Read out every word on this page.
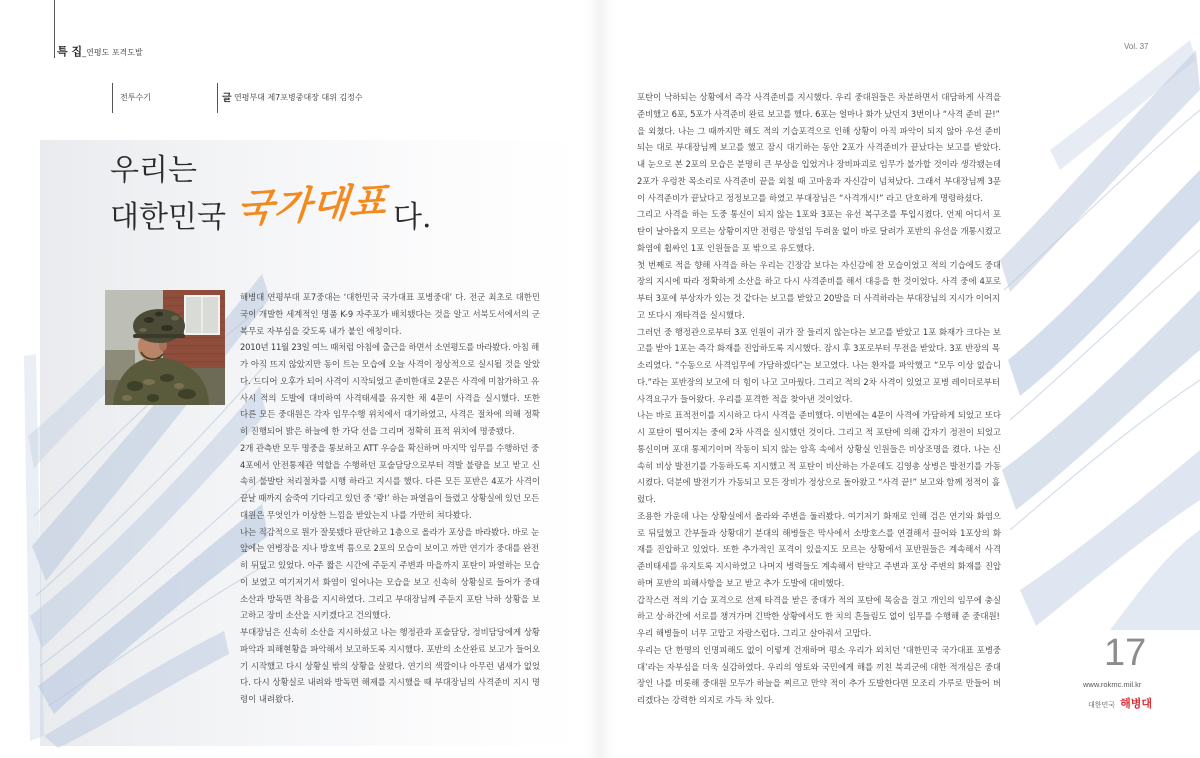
특 집_연평도 포격도발
Vol. 37
전투수기	글 연평부대 제7포병중대장 대위 김정수
우리는
대한민국 국가대표 다.
해병대 연평부대 포7중대는 ‘대한민국 국가대표 포병중대’ 다. 전군 최초로 대한민
국이 개발한 세계적인 명품 K-9 자주포가 배치됐다는 것을 알고 서북도서에서의 군
복무로 자부심을 갖도록 내가 붙인 애칭이다.
2010년 11월 23일 여느 때처럼 아침에 출근을 하면서 소연평도를 바라봤다. 아침 해
가 아직 뜨지 않았지만 동이 트는 모습에 오늘 사격이 정상적으로 실시될 것을 알았
다. 드디어 오후가 되어 사격이 시작되었고 준비한대로 2문은 사격에 미참가하고 유
사시 적의 도발에 대비하여 사격태세를 유지한 채 4문이 사격을 실시했다. 또한
다른 모든 중대원은 각자 임무수행 위치에서 대기하였고, 사격은 절차에 의해 정확
히 진행되어 밝은 하늘에 한 가닥 선을 그리며 정확히 표적 위치에 명중됐다.
2개 관측반 모두 명중을 통보하고 ATT 우승을 확신하며 마지막 임무를 수행하던 중
4포에서 안전통제관 역할을 수행하던 포술담당으로부터 격발 불량을 보고 받고 신
속히 불발탄 처리절차를 시행 하라고 지시를 했다. 다른 모든 포반은 4포가 사격이
끝날 때까지 숨죽여 기다리고 있던 중 ‘쾅!’ 하는 파열음이 들렸고 상황실에 있던 모든
대원은 무엇인가 이상한 느낌을 받았는지 나를 가만히 쳐다봤다.
나는 직감적으로 뭔가 잘못됐다 판단하고 1층으로 올라가 포상을 바라봤다. 바로 눈
앞에는 연병장을 지나 방호벽 틈으로 2포의 모습이 보이고 까만 연기가 중대를 완전
히 뒤덮고 있었다. 아주 짧은 시간에 주둔지 주변과 마을까지 포탄이 파열하는 모습
이 보였고 여기저기서 화염이 일어나는 모습을 보고 신속히 상황실로 들어가 중대
소산과 방독면 착용을 지시하였다. 그리고 부대장님께 주둔지 포탄 낙하 상황을 보
고하고 장비 소산을 시키겠다고 건의했다.
부대장님은 신속히 소산을 지시하셨고 나는 행정관과 포술담당, 정비담당에게 상황
파악과 피해현황을 파악해서 보고하도록 지시했다. 포반의 소산완료 보고가 들어오
기 시작했고 다시 상황실 밖의 상황을 살폈다. 연기의 색깔이나 아무런 냄새가 없었
다. 다시 상황실로 내려와 방독면 해제를 지시했을 때 부대장님의 사격준비 지시 명
령이 내려왔다.
포탄이 낙하되는 상황에서 즉각 사격준비를 지시했다. 우리 중대원들은 차분하면서 대담하게 사격을
준비했고 6포, 5포가 사격준비 완료 보고를 했다. 6포는 얼마나 화가 났던지 3번이나 “사격 준비 끝!”
을 외쳤다. 나는 그 때까지만 해도 적의 기습포격으로 인해 상황이 아직 파악이 되지 않아 우선 준비
되는 대로 부대장님께 보고를 했고 잠시 대기하는 동안 2포가 사격준비가 끝났다는 보고를 받았다.
내 눈으로 본 2포의 모습은 분명히 큰 부상을 입었거나 장비파괴로 임무가 불가할 것이라 생각됐는데
2포가 우렁찬 목소리로 사격준비 끝을 외칠 때 고마움과 자신감이 넘쳐났다. 그래서 부대장님께 3문
이 사격준비가 끝났다고 정정보고를 하였고 부대장님은 “사격개시!” 라고 단호하게 명령하셨다.
그리고 사격을 하는 도중 통신이 되지 않는 1포와 3포는 유선 복구조를 투입시켰다. 언제 어디서 포
탄이 날아올지 모르는 상황이지만 전령은 망설임 두려움 없이 바로 달려가 포반의 유선을 개통시켰고
화염에 휩싸인 1포 인원들을 포 밖으로 유도했다.
첫 번째로 적을 향해 사격을 하는 우리는 긴장감 보다는 자신감에 찬 모습이었고 적의 기습에도 중대
장의 지시에 따라 정확하게 소산을 하고 다시 사격준비를 해서 대응을 한 것이었다. 사격 중에 4포로
부터 3포에 부상자가 있는 것 같다는 보고를 받았고 20발을 더 사격하라는 부대장님의 지시가 이어지
고 또다시 재타격을 실시했다.
그러던 중 행정관으로부터 3포 인원이 귀가 잘 들리지 않는다는 보고를 받았고 1포 화재가 크다는 보
고를 받아 1포는 즉각 화재를 진압하도록 지시했다. 잠시 후 3포로부터 무전을 받았다. 3포 반장의 목
소리였다. “수동으로 사격임무에 가담하겠다”는 보고였다. 나는 환자를 파악했고 “모두 이상 없습니
다.”라는 포반장의 보고에 더 힘이 나고 고마웠다. 그리고 적의 2차 사격이 있었고 포병 레이더로부터
사격요구가 들어왔다. 우리를 포격한 적을 찾아낸 것이었다.
나는 바로 표적전이를 지시하고 다시 사격을 준비했다. 이번에는 4문이 사격에 가담하게 되었고 또다
시 포탄이 떨어지는 중에 2차 사격을 실시했던 것이다. 그리고 적 포탄에 의해 갑자기 정전이 되었고
통신이며 포대 통제기이며 작동이 되지 않는 암흑 속에서 상황실 인원들은 비상조명을 켰다. 나는 신
속히 비상 발전기를 가동하도록 지시했고 적 포탄이 비산하는 가운데도 김영총 상병은 발전기를 가동
시켰다. 덕분에 발전기가 가동되고 모든 장비가 정상으로 돌아왔고 “사격 끝!” 보고와 함께 정적이 흘
렀다.
조용한 가운데 나는 상황실에서 올라와 주변을 둘러봤다. 여기저기 화재로 인해 검은 연기와 화염으
로 뒤덮혔고 간부들과 상황대기 분대의 해병들은 막사에서 소방호스를 연결해서 끌어와 1포상의 화
재를 진압하고 있었다. 또한 추가적인 포격이 있을지도 모르는 상황에서 포반원들은 계속해서 사격
준비태세를 유지토록 지시하였고 나머지 병력들도 계속해서 탄약고 주변과 포상 주변의 화재를 진압
하며 포반의 피해사항을 보고 받고 추가 도발에 대비했다.
갑작스런 적의 기습 포격으로 선제 타격을 받은 중대가 적의 포탄에 목숨을 걸고 개인의 임무에 충실
하고 상·하간에 서로를 챙겨가며 긴박한 상황에서도 한 치의 흔들림도 없이 임무를 수행해 준 중대원!
우리 해병들이 너무 고맙고 자랑스럽다. 그리고 살아줘서 고맙다.
우리는 단 한명의 인명피해도 없이 이렇게 건재하며 평소 우리가 외치던 ‘대한민국 국가대표 포병중
대’라는 자부심을 더욱 실감하였다. 우리의 영토와 국민에게 해를 끼친 북괴군에 대한 적개심은 중대
장인 나를 비롯해 중대원 모두가 하늘을 찌르고 만약 적이 추가 도발한다면 모조리 가루로 만들어 버
리겠다는 강력한 의지로 가득 차 있다.
17
www.rokmc.mil.kr
대한민국 해병대
